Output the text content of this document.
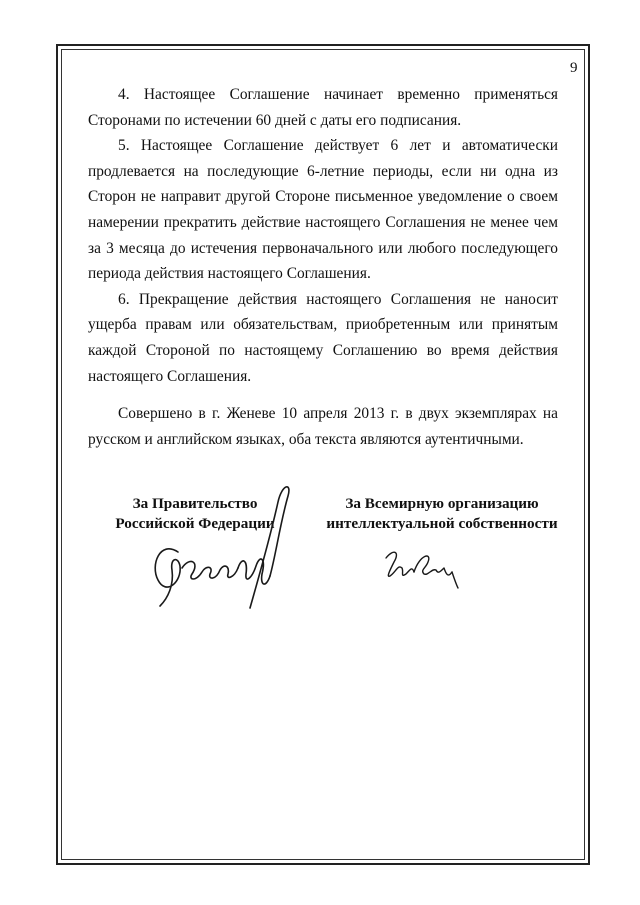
9

4. Настоящее Соглашение начинает временно применяться Сторонами по истечении 60 дней с даты его подписания.

5. Настоящее Соглашение действует 6 лет и автоматически продлевается на последующие 6-летние периоды, если ни одна из Сторон не направит другой Стороне письменное уведомление о своем намерении прекратить действие настоящего Соглашения не менее чем за 3 месяца до истечения первоначального или любого последующего периода действия настоящего Соглашения.

6. Прекращение действия настоящего Соглашения не наносит ущерба правам или обязательствам, приобретенным или принятым каждой Стороной по настоящему Соглашению во время действия настоящего Соглашения.

Совершено в г. Женеве 10 апреля 2013 г. в двух экземплярах на русском и английском языках, оба текста являются аутентичными.

За Правительство
Российской Федерации
За Всемирную организацию
интеллектуальной собственности
